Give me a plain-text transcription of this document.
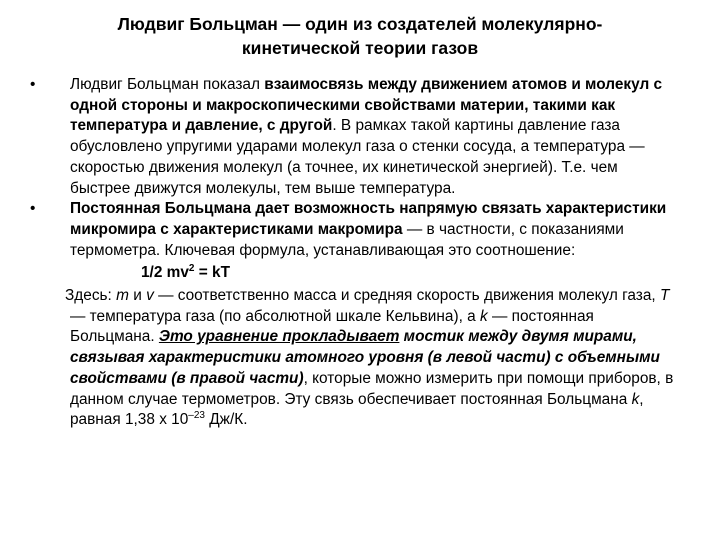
Людвиг Больцман — один из создателей молекулярно-
кинетической теории газов

• Людвиг Больцман показал взаимосвязь между движением атомов и молекул с одной стороны и макроскопическими свойствами материи, такими как температура и давление, с другой. В рамках такой картины давление газа обусловлено упругими ударами молекул газа о стенки сосуда, а температура — скоростью движения молекул (а точнее, их кинетической энергией). Т.е. чем быстрее движутся молекулы, тем выше температура.

• Постоянная Больцмана дает возможность напрямую связать характеристики микромира с характеристиками макромира — в частности, с показаниями термометра. Ключевая формула, устанавливающая это соотношение:

1/2 $mv^2$ = kT

Здесь: m и v — соответственно масса и средняя скорость движения молекул газа, T — температура газа (по абсолютной шкале Кельвина), а k — постоянная Больцмана. Это уравнение прокладывает мостик между двумя мирами, связывая характеристики атомного уровня (в левой части) с объемными свойствами (в правой части), которые можно измерить при помощи приборов, в данном случае термометров. Эту связь обеспечивает постоянная Больцмана k, равная 1,38 x $10^{-23}$ Дж/К.
